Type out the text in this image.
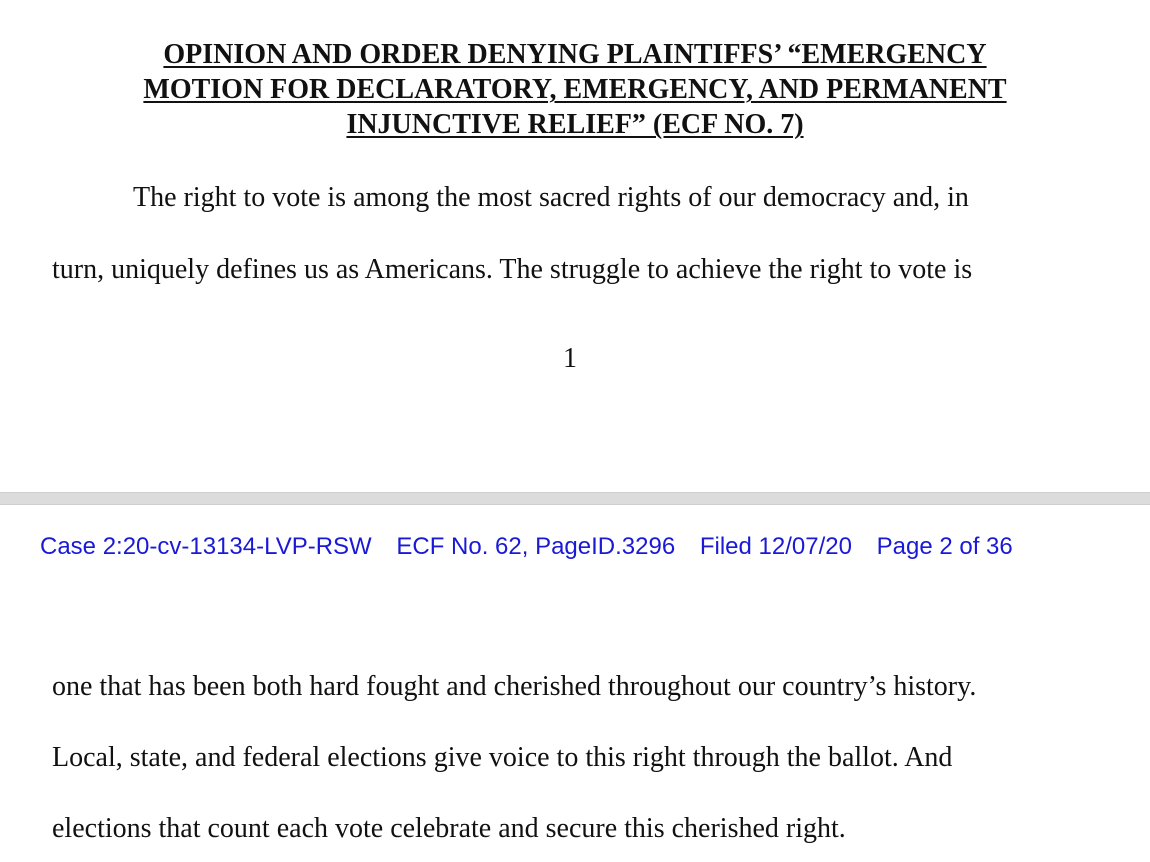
OPINION AND ORDER DENYING PLAINTIFFS’ “EMERGENCY
MOTION FOR DECLARATORY, EMERGENCY, AND PERMANENT
INJUNCTIVE RELIEF” (ECF NO. 7)
The right to vote is among the most sacred rights of our democracy and, in
turn, uniquely defines us as Americans. The struggle to achieve the right to vote is
1
Case 2:20-cv-13134-LVP-RSW ECF No. 62, PageID.3296 Filed 12/07/20 Page 2 of 36
one that has been both hard fought and cherished throughout our country’s history.
Local, state, and federal elections give voice to this right through the ballot. And
elections that count each vote celebrate and secure this cherished right.
